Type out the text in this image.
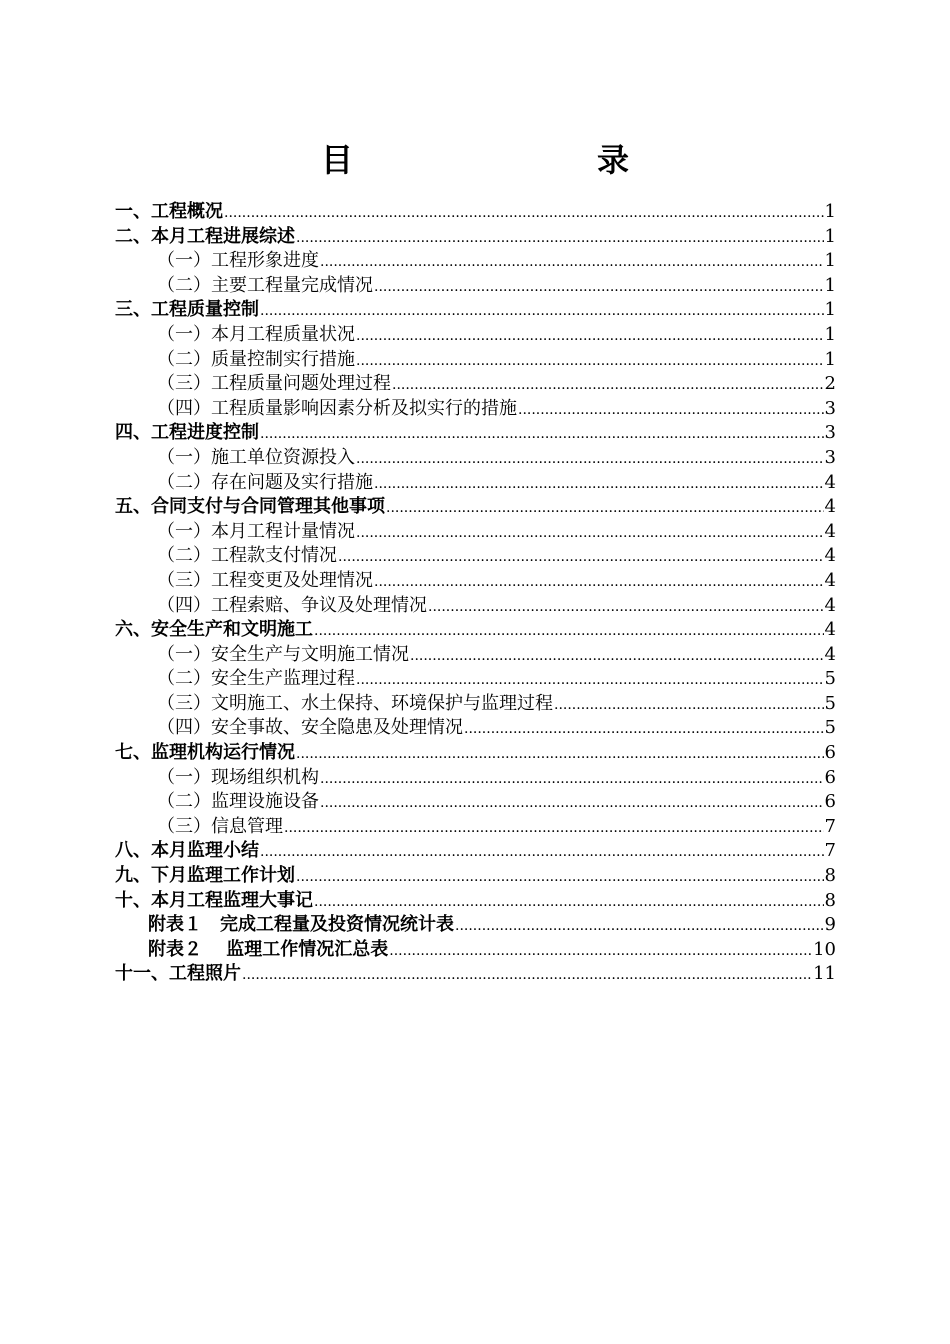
目　　录
一、工程概况 .....	1
二、本月工程进展综述 .....	1
（一）工程形象进度 .....	1
（二）主要工程量完成情况 .....	1
三、工程质量控制 .....	1
（一）本月工程质量状况 .....	1
（二）质量控制实行措施 .....	1
（三）工程质量问题处理过程 .....	2
（四）工程质量影响因素分析及拟实行的措施 .....	3
四、工程进度控制 .....	3
（一）施工单位资源投入 .....	3
（二）存在问题及实行措施 .....	4
五、合同支付与合同管理其他事项 .....	4
（一）本月工程计量情况 .....	4
（二）工程款支付情况 .....	4
（三）工程变更及处理情况 .....	4
（四）工程索赔、争议及处理情况 .....	4
六、安全生产和文明施工 .....	4
（一）安全生产与文明施工情况 .....	4
（二）安全生产监理过程 .....	5
（三）文明施工、水土保持、环境保护与监理过程 .....	5
（四）安全事故、安全隐患及处理情况 .....	5
七、监理机构运行情况 .....	6
（一）现场组织机构 .....	6
（二）监理设施设备 .....	6
（三）信息管理 .....	7
八、本月监理小结 .....	7
九、下月监理工作计划 .....	8
十、本月工程监理大事记 .....	8
附表１　完成工程量及投资情况统计表 .....	9
附表２　 监理工作情况汇总表 .....	10
十一、工程照片 .....	11
